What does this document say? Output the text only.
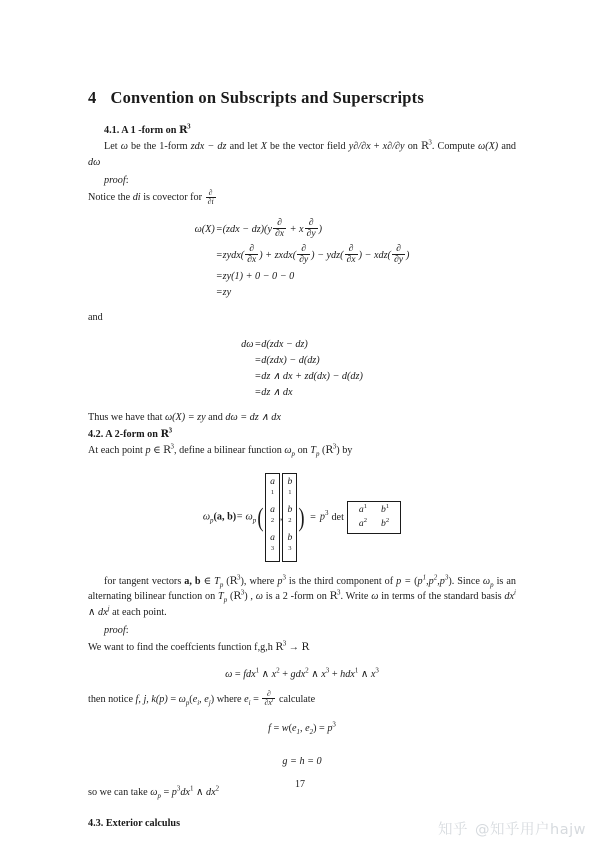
4 Convention on Subscripts and Superscripts
4.1. A 1 -form on $R^3$

Let ω be the 1-form zdx − dz and let X be the vector field y∂/∂x + x∂/∂y on $R^3$. Compute ω(X) and dω

proof:

Notice the di is covector for $\frac{\partial}{\partial i}$

ω(X)	$=(zdx - dz)(y \frac{\partial}{\partial x} + x \frac{\partial}{\partial y}$ )
	=zydx( $\frac{\partial}{\partial x}$ ) + zxdx( $\frac{\partial}{\partial y}$ ) − $ydz( \frac{\partial}{\partial x}$ ) − $xdz( \frac{\partial}{\partial y}$ )
	=zy(1) + 0 − 0 − 0
	=zy

and

dω	=d(zdx − dz)
	=d(zdx) − d(dz)
	=dz ∧ dx + zd(dx) − d(dz)
	=dz ∧ dx

Thus we have that ω(X) = zy and dω = dz ∧ dx

4.2. A 2-form on $R^3$

At each point p ∈ $R^3$, define a bilinear function $\omega_p$ on $T_p$ $(R^3)$ by

$\omega_p(a$, $b)= \omega_p$(
a
$^1$
a
$^2$
a
$^3$
,
b
$^1$
b
$^2$
b
$^3$
) = $p^3$ deta$^1$	$b^1$
$a^2$	$b^2$

for tangent vectors a, b ∈ $T_p$ $(R^3)$, where $p^3$ is the third component of $p = (p^1,p^2,p^3)$. Since $\omega_p$ is an alternating bilinear function on $T_p$ $(R^3)$ , ω is a 2 -form on $R^3$. Write ω in terms of the standard basis $dx^i$ ∧ $dx^j$ at each point.

proof:

We want to find the coeffcients function f,g,h $R^3 \to R$

ω = fdx$^1$ ∧ $x^2 + gdx^2$ ∧ $x^3 + hdx^1$ ∧ $x^3$

then notice f, j, $k(p) = \omega_p(e_i$, $e_j$) where $e_i = \frac{\partial}{\partial x^i}$ calculate

$f = w(e_1$, $e_2) = p^3$
g = h = 0

so we can take $\omega_p = p^3dx^1$ ∧ $dx^2$

4.3. Exterior calculus
17
知乎 @知乎用户hajw
